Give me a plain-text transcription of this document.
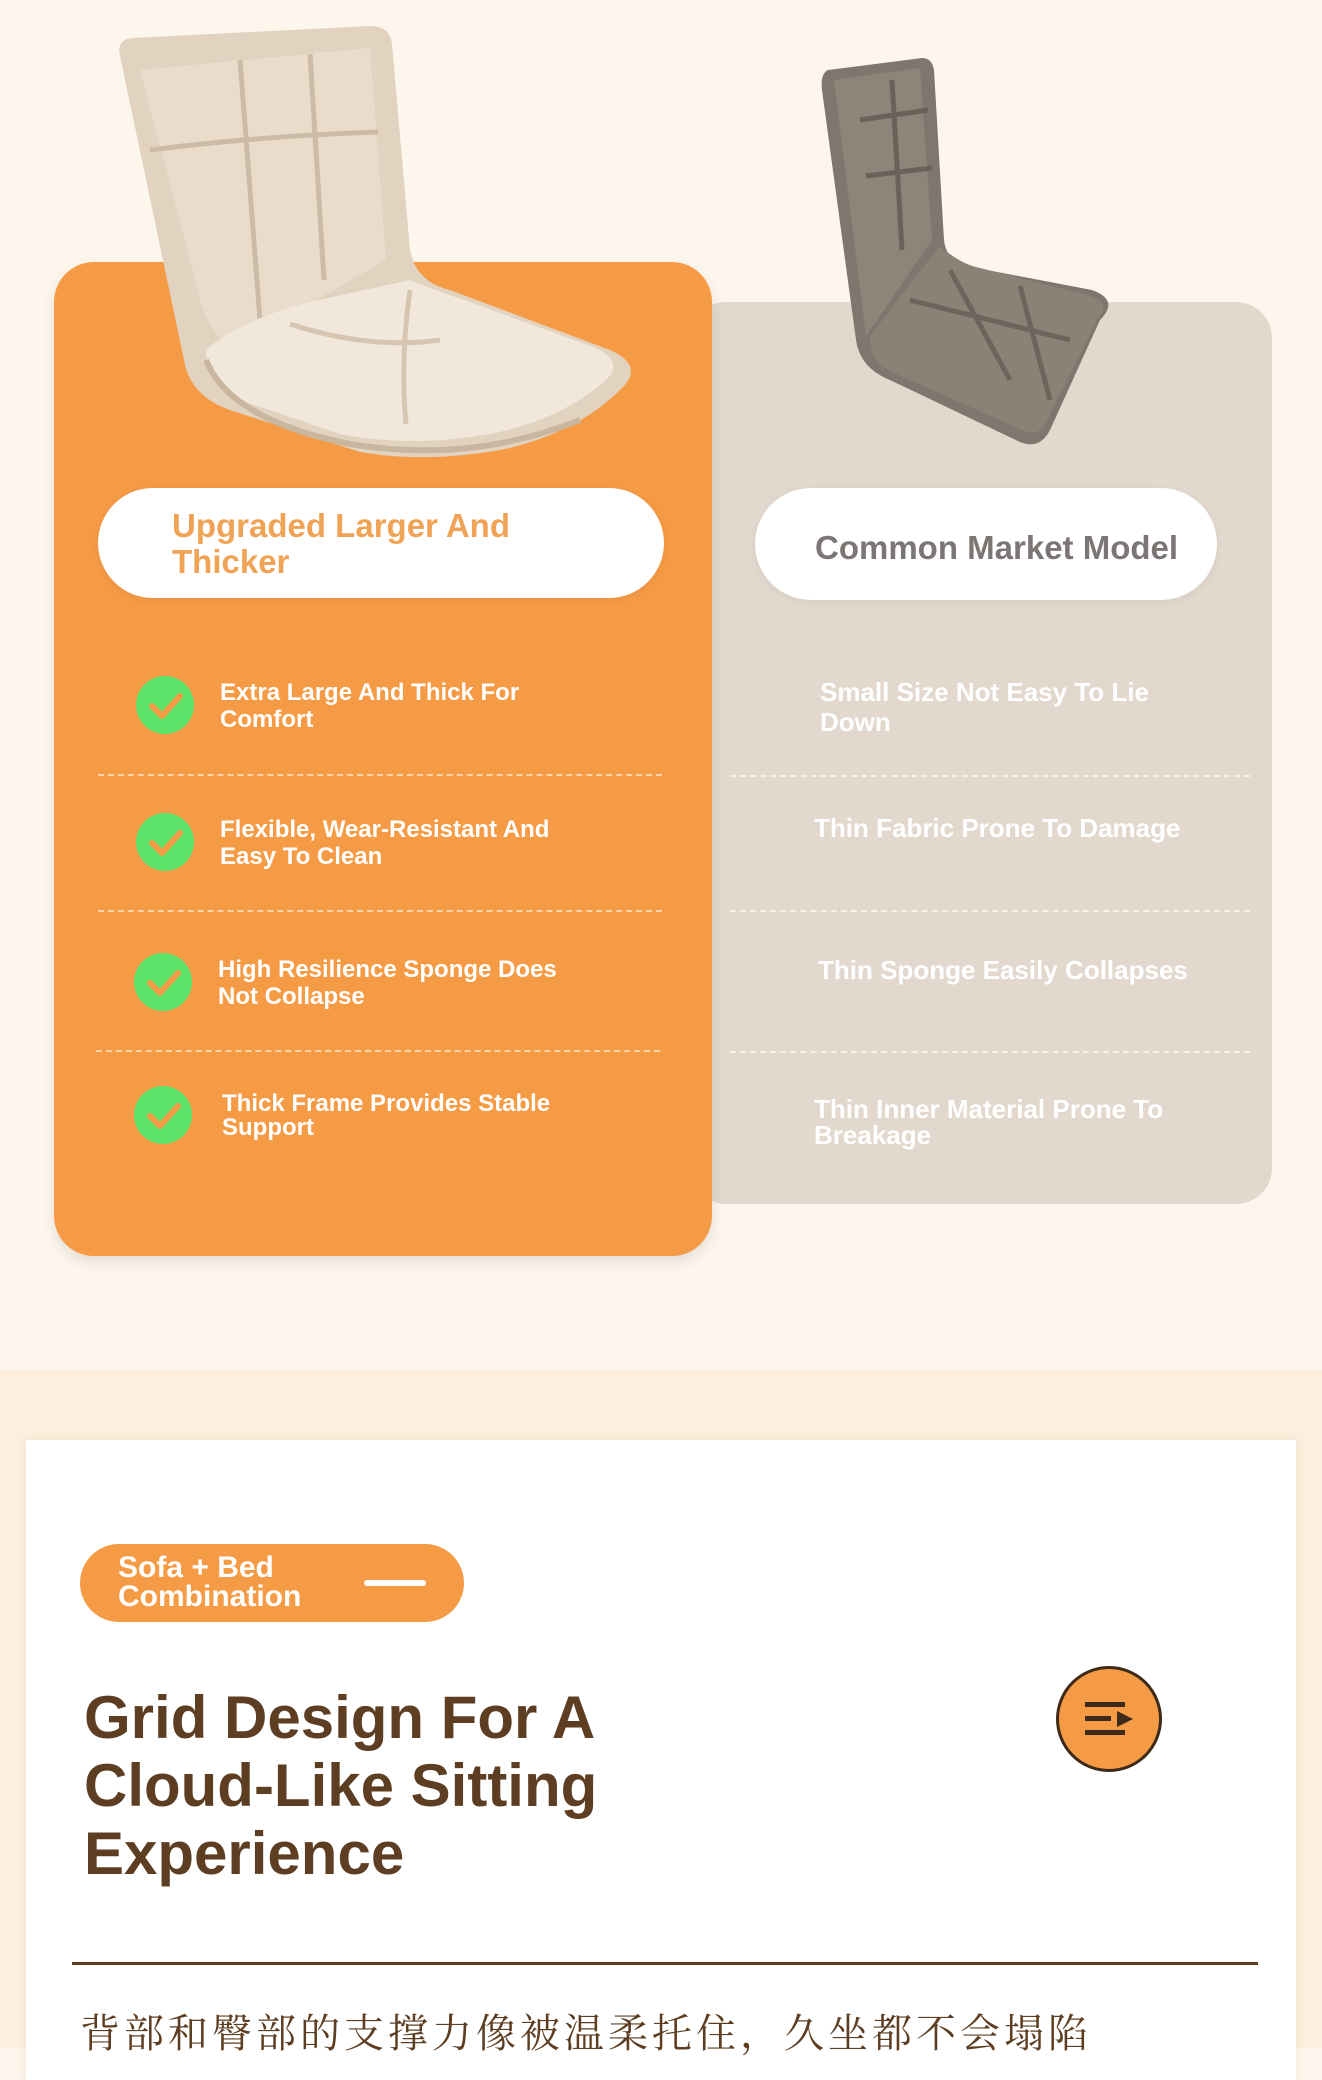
Upgraded Larger And Thicker	Common Market Model
Extra Large And Thick For Comfort
Flexible, Wear-Resistant And Easy To Clean
High Resilience Sponge Does Not Collapse
Thick Frame Provides Stable Support
Small Size Not Easy To Lie Down
Thin Fabric Prone To Damage
Thin Sponge Easily Collapses
Thin Inner Material Prone To Breakage
Sofa + Bed Combination
Grid Design For A Cloud-Like Sitting Experience
背部和臀部的支撑力像被温柔托住，久坐都不会塌陷
